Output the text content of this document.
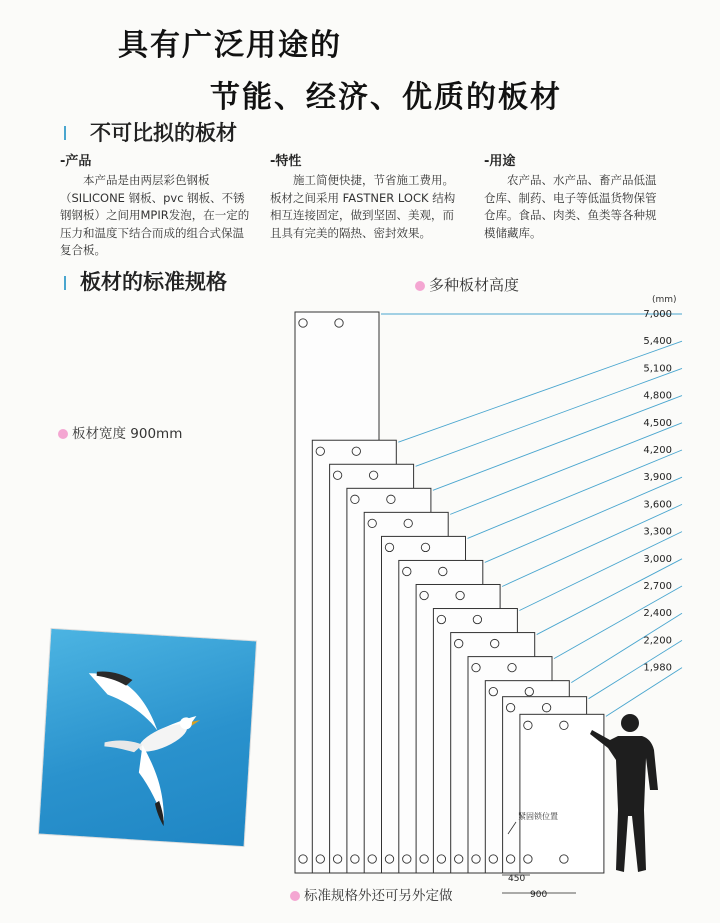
具有广泛用途的
节能、经济、优质的板材
不可比拟的板材
-产品
本产品是由两层彩色钢板（SILICONE 钢板、pvc 钢板、不锈钢钢板）之间用MPIR发泡，在一定的压力和温度下结合而成的组合式保温复合板。
-特性
施工简便快捷，节省施工费用。板材之间采用 FASTNER LOCK 结构相互连接固定，做到坚固、美观，而且具有完美的隔热、密封效果。
-用途
农产品、水产品、畜产品低温仓库、制药、电子等低温货物保管仓库。食品、肉类、鱼类等各种规模储藏库。
板材的标准规格	多种板材高度
板材宽度 900mm
(mm)
7,000
5,400
5,100
4,800
4,500
4,200
3,900
3,600
3,300
3,000
2,700
2,400
2,200
1,980
紧固锁位置
450
900
标准规格外还可另外定做
